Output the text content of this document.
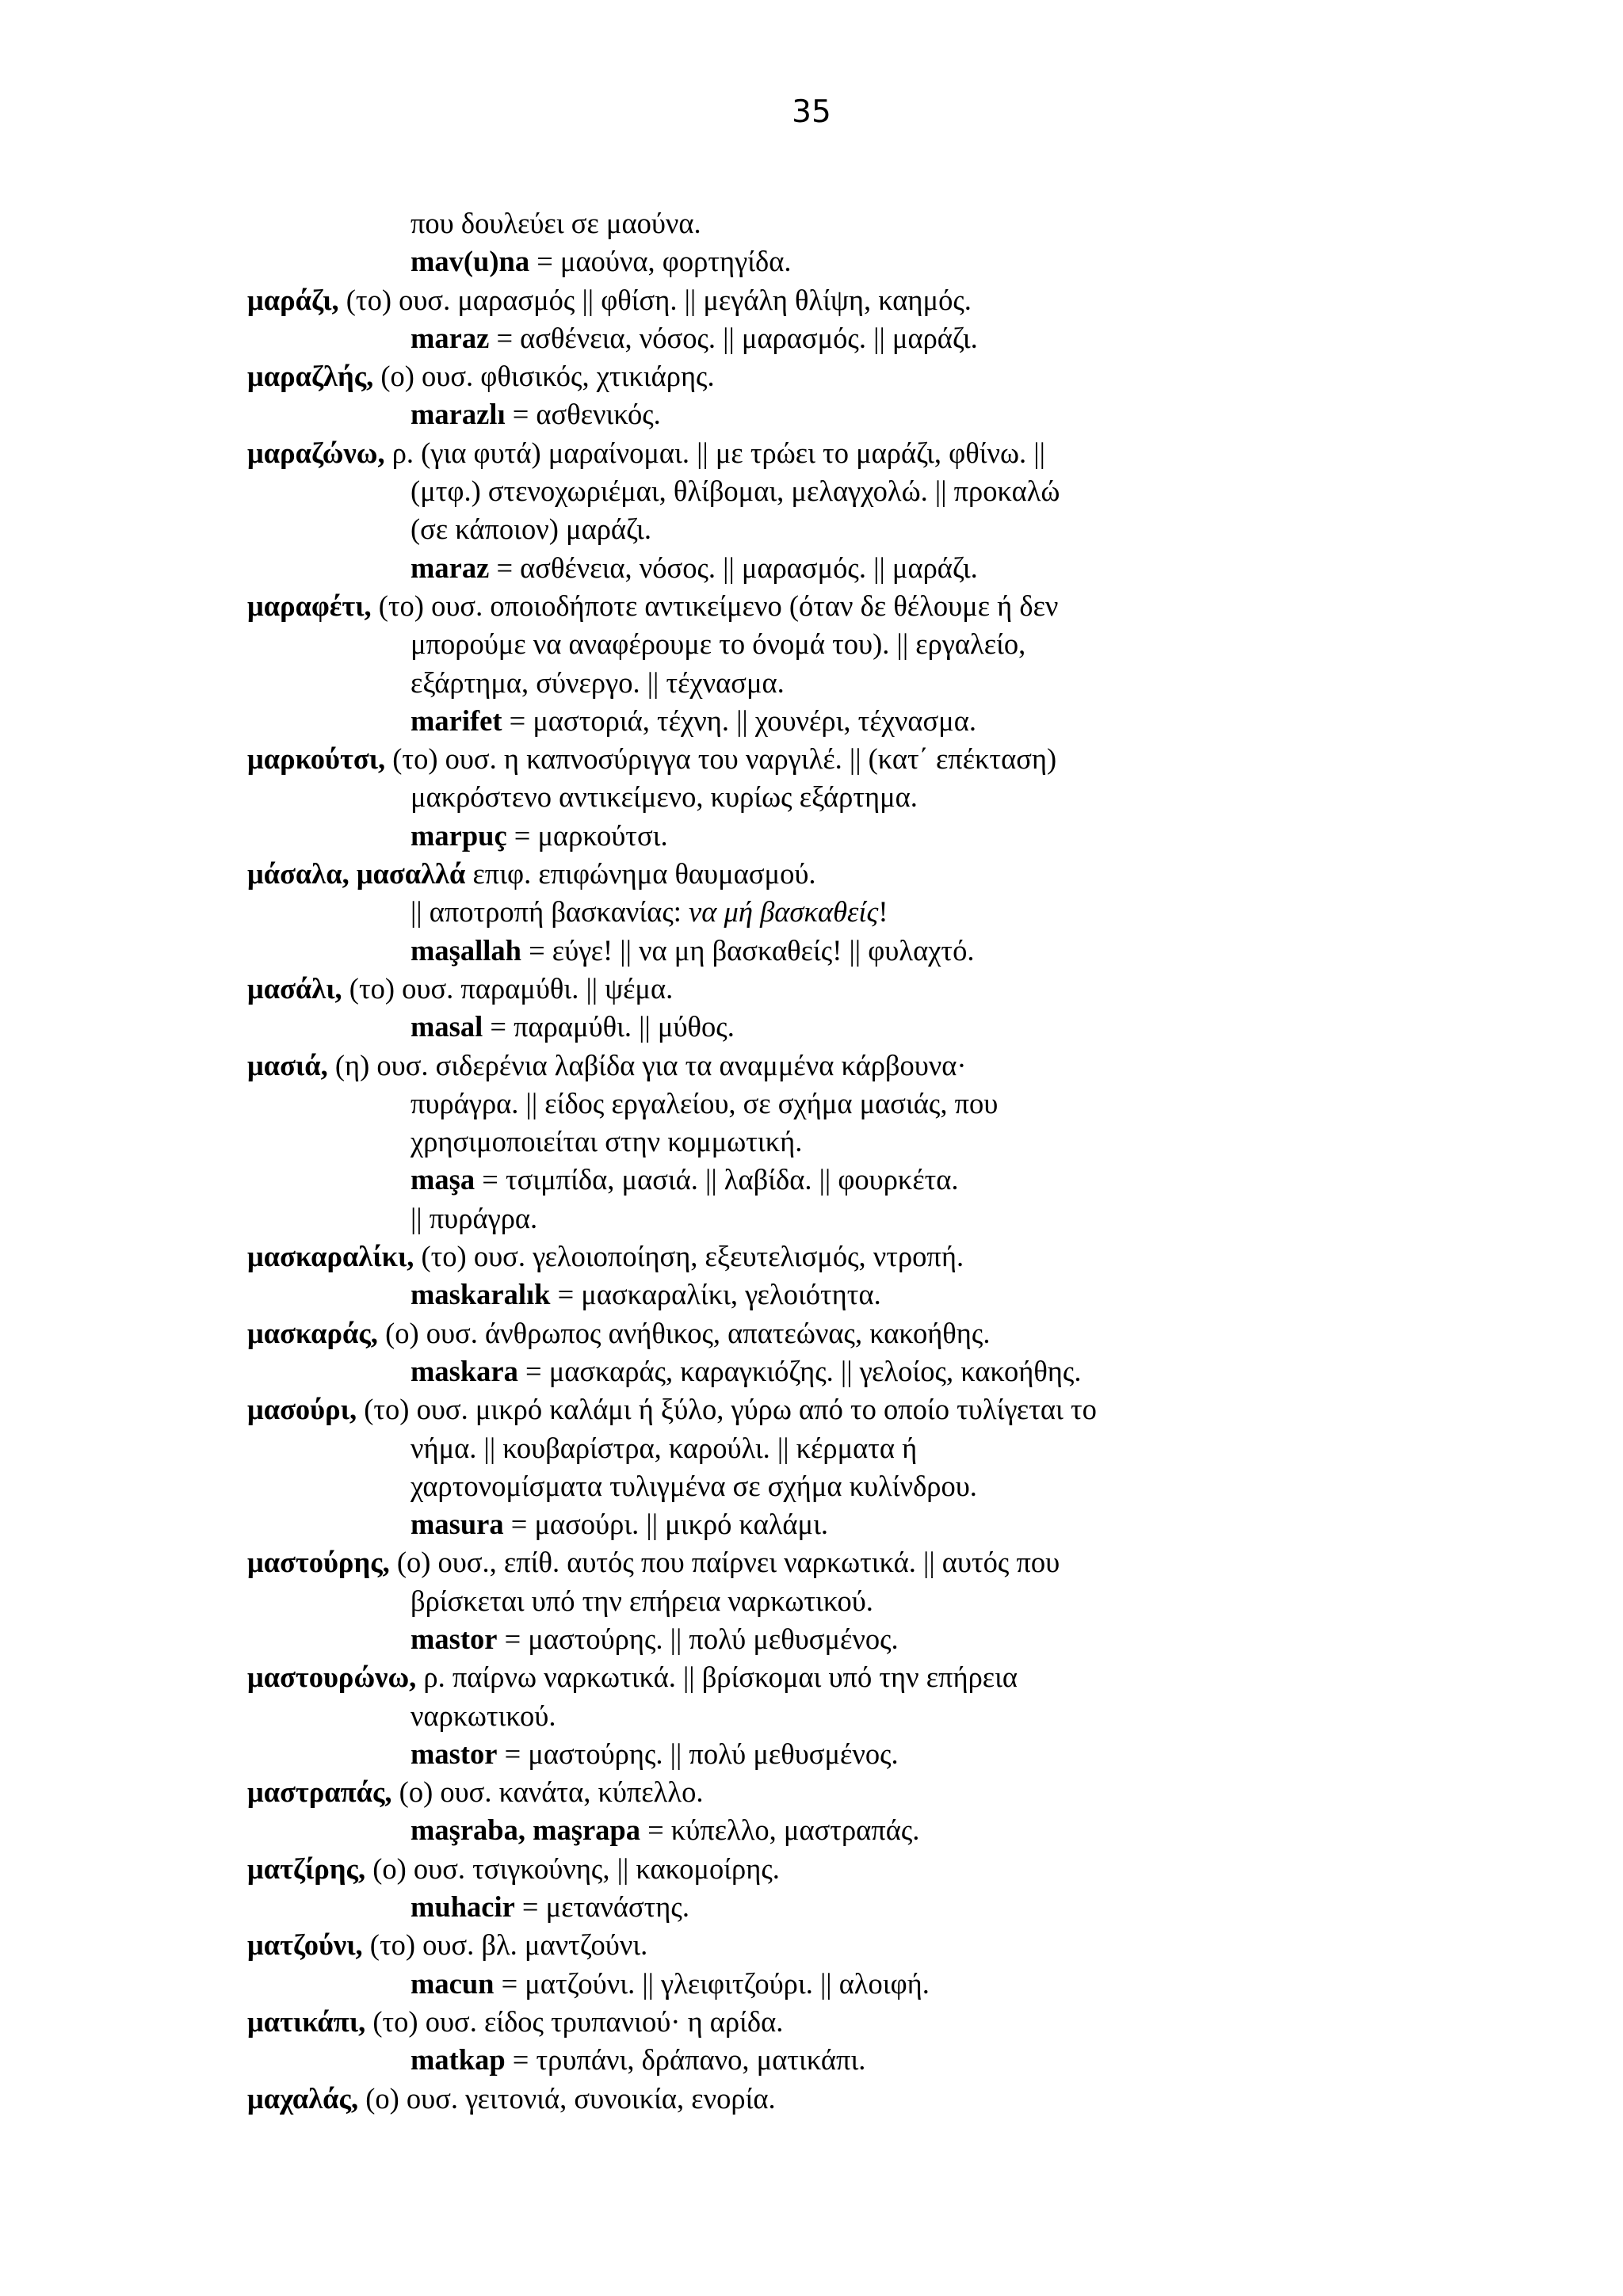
35
που δουλεύει σε μαούνα.
mav(u)na = μαούνα, φορτηγίδα.
μαράζι, (το) ουσ. μαρασμός || φθίση. || μεγάλη θλίψη, καημός.
maraz = ασθένεια, νόσος. || μαρασμός. || μαράζι.
μαραζλής, (ο) ουσ. φθισικός, χτικιάρης.
marazlı = ασθενικός.
μαραζώνω, ρ. (για φυτά) μαραίνομαι. || με τρώει το μαράζι, φθίνω. ||
(μτφ.) στενοχωριέμαι, θλίβομαι, μελαγχολώ. || προκαλώ
(σε κάποιον) μαράζι.
maraz = ασθένεια, νόσος. || μαρασμός. || μαράζι.
μαραφέτι, (το) ουσ. οποιοδήποτε αντικείμενο (όταν δε θέλουμε ή δεν
μπορούμε να αναφέρουμε το όνομά του). || εργαλείο,
εξάρτημα, σύνεργο. || τέχνασμα.
marifet = μαστοριά, τέχνη. || χουνέρι, τέχνασμα.
μαρκούτσι, (το) ουσ. η καπνοσύριγγα του ναργιλέ. || (κατ΄ επέκταση)
μακρόστενο αντικείμενο, κυρίως εξάρτημα.
marpuç = μαρκούτσι.
μάσαλα, μασαλλά επιφ. επιφώνημα θαυμασμού.
|| αποτροπή βασκανίας: να μή βασκαθείς!
maşallah = εύγε! || να μη βασκαθείς! || φυλαχτό.
μασάλι, (το) ουσ. παραμύθι. || ψέμα.
masal = παραμύθι. || μύθος.
μασιά, (η) ουσ. σιδερένια λαβίδα για τα αναμμένα κάρβουνα·
πυράγρα. || είδος εργαλείου, σε σχήμα μασιάς, που
χρησιμοποιείται στην κομμωτική.
maşa = τσιμπίδα, μασιά. || λαβίδα. || φουρκέτα.
|| πυράγρα.
μασκαραλίκι, (το) ουσ. γελοιοποίηση, εξευτελισμός, ντροπή.
maskaralık = μασκαραλίκι, γελοιότητα.
μασκαράς, (ο) ουσ. άνθρωπος ανήθικος, απατεώνας, κακοήθης.
maskara = μασκαράς, καραγκιόζης. || γελοίος, κακοήθης.
μασούρι, (το) ουσ. μικρό καλάμι ή ξύλο, γύρω από το οποίο τυλίγεται το
νήμα. || κουβαρίστρα, καρούλι. || κέρματα ή
χαρτονομίσματα τυλιγμένα σε σχήμα κυλίνδρου.
masura = μασούρι. || μικρό καλάμι.
μαστούρης, (ο) ουσ., επίθ. αυτός που παίρνει ναρκωτικά. || αυτός που
βρίσκεται υπό την επήρεια ναρκωτικού.
mastor = μαστούρης. || πολύ μεθυσμένος.
μαστουρώνω, ρ. παίρνω ναρκωτικά. || βρίσκομαι υπό την επήρεια
ναρκωτικού.
mastor = μαστούρης. || πολύ μεθυσμένος.
μαστραπάς, (ο) ουσ. κανάτα, κύπελλο.
maşraba, maşrapa = κύπελλο, μαστραπάς.
ματζίρης, (ο) ουσ. τσιγκούνης, || κακομοίρης.
muhacir = μετανάστης.
ματζούνι, (το) ουσ. βλ. μαντζούνι.
macun = ματζούνι. || γλειφιτζούρι. || αλοιφή.
ματικάπι, (το) ουσ. είδος τρυπανιού· η αρίδα.
matkap = τρυπάνι, δράπανο, ματικάπι.
μαχαλάς, (ο) ουσ. γειτονιά, συνοικία, ενορία.
